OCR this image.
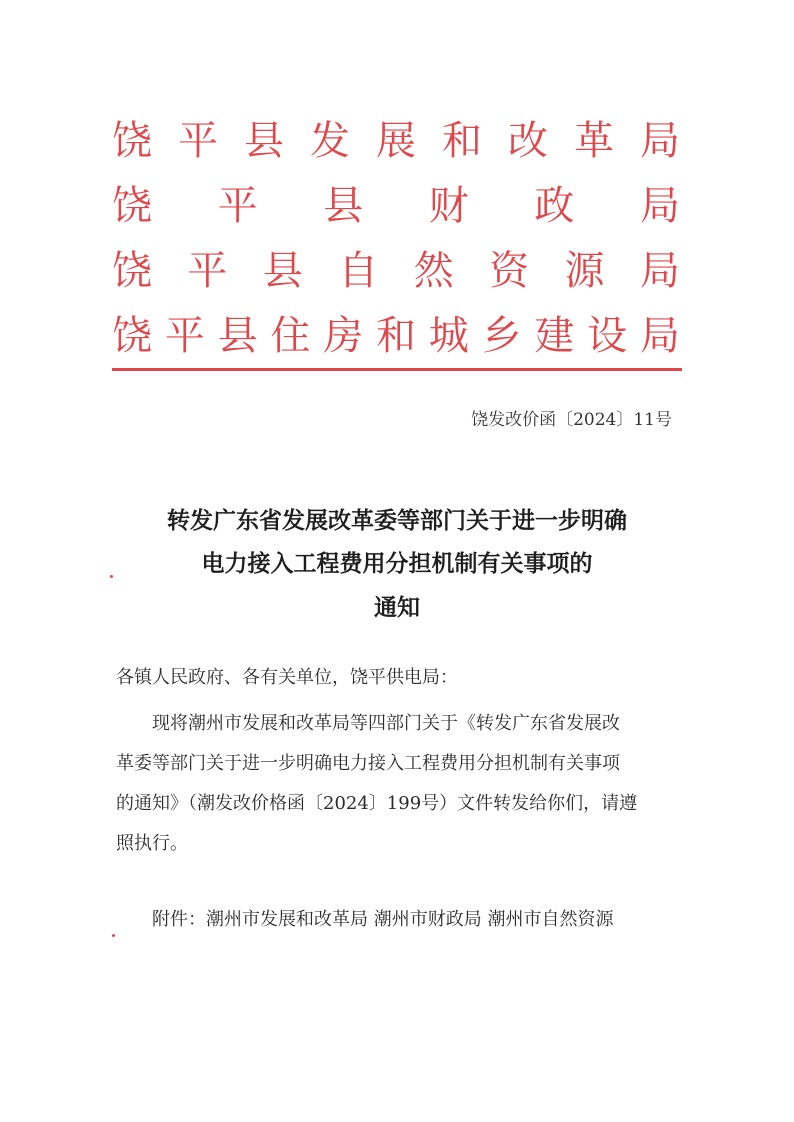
饶 平 县 发 展 和 改 革 局
饶 平 县 财 政 局
饶 平 县 自 然 资 源 局
饶 平 县 住 房 和 城 乡 建 设 局
饶发改价函〔2024〕11号
转发广东省发展改革委等部门关于进一步明确
电力接入工程费用分担机制有关事项的
通知
各镇人民政府、各有关单位，饶平供电局：
现将潮州市发展和改革局等四部门关于《转发广东省发展改
革委等部门关于进一步明确电力接入工程费用分担机制有关事项
的通知》（潮发改价格函〔2024〕199号）文件转发给你们，请遵
照执行。
附件：潮州市发展和改革局 潮州市财政局 潮州市自然资源
